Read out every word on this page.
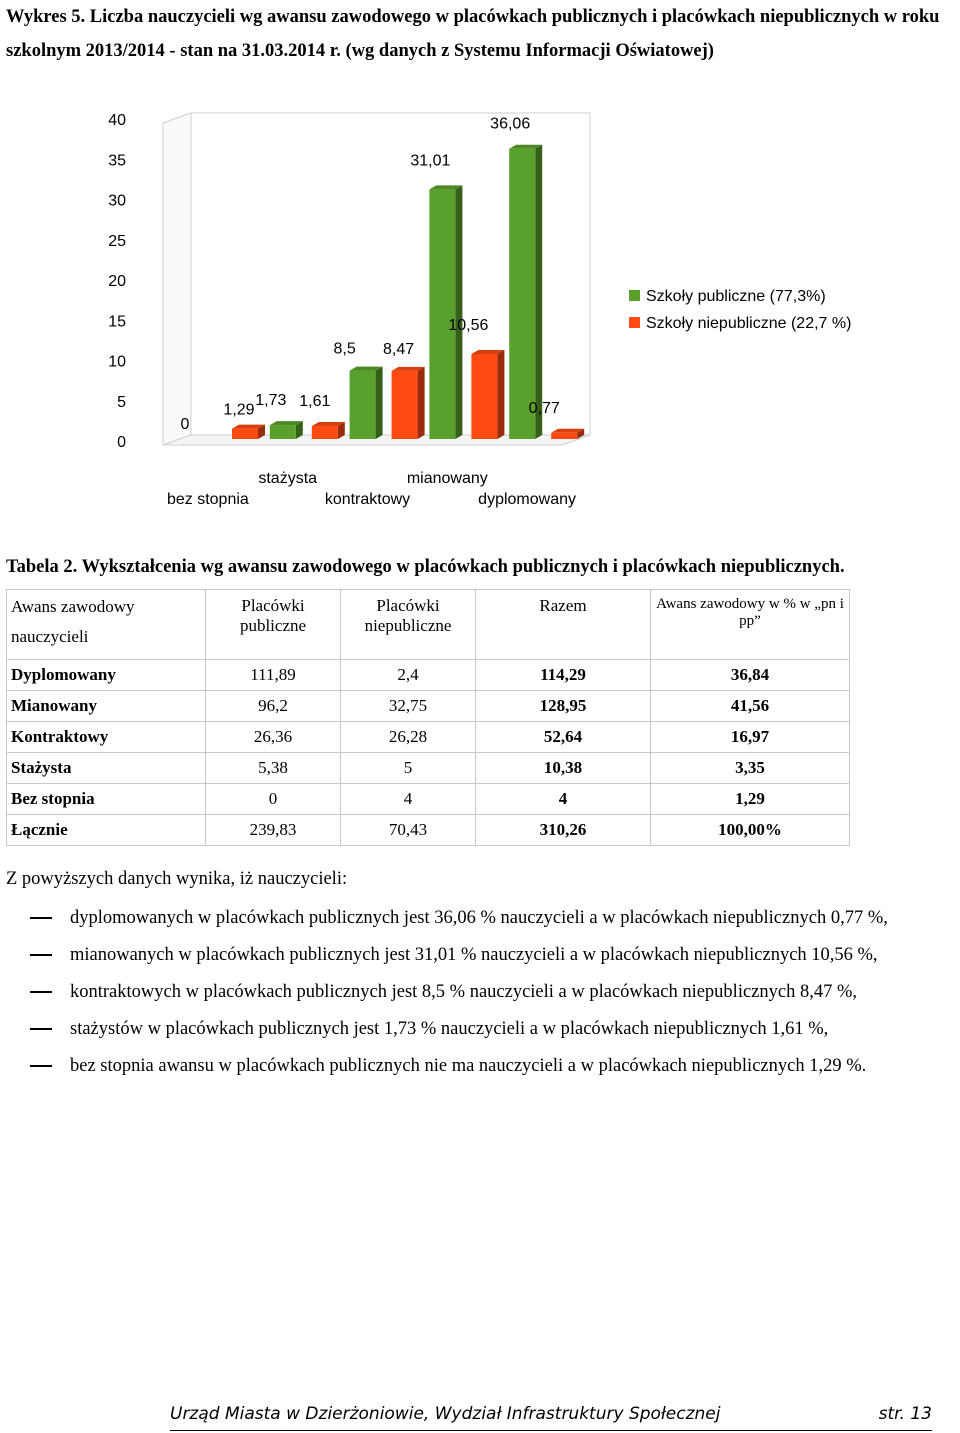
Wykres 5. Liczba nauczycieli wg awansu zawodowego w placówkach publicznych i placówkach niepublicznych w roku szkolnym 2013/2014 - stan na 31.03.2014 r. (wg danych z Systemu Informacji Oświatowej)
0
5
10
15
20
25
30
35
40
0
1,29
1,73 1,61
8,5 8,47
31,01
10,56
36,06
0,77
bez stopnia
stażysta
kontraktowy
mianowany
dyplomowany
Szkoły publiczne (77,3%)
Szkoły niepubliczne (22,7 %)
Tabela 2. Wykształcenia wg awansu zawodowego w placówkach publicznych i placówkach niepublicznych.
Awans zawodowy nauczycieli	Placówki publiczne	Placówki niepubliczne	Razem	Awans zawodowy w % w „pn i pp”
Dyplomowany	111,89	2,4	114,29	36,84
Mianowany	96,2	32,75	128,95	41,56
Kontraktowy	26,36	26,28	52,64	16,97
Stażysta	5,38	5	10,38	3,35
Bez stopnia	0	4	4	1,29
Łącznie	239,83	70,43	310,26	100,00%
Z powyższych danych wynika, iż nauczycieli:
dyplomowanych w placówkach publicznych jest 36,06 % nauczycieli a w placówkach niepublicznych 0,77 %,
mianowanych w placówkach publicznych jest 31,01 % nauczycieli a w placówkach niepublicznych 10,56 %,
kontraktowych w placówkach publicznych jest 8,5 % nauczycieli a w placówkach niepublicznych 8,47 %,
stażystów w placówkach publicznych jest 1,73 % nauczycieli a w placówkach niepublicznych 1,61 %,
bez stopnia awansu w placówkach publicznych nie ma nauczycieli a w placówkach niepublicznych 1,29 %.
Urząd Miasta w Dzierżoniowie, Wydział Infrastruktury Społecznej	str. 13
